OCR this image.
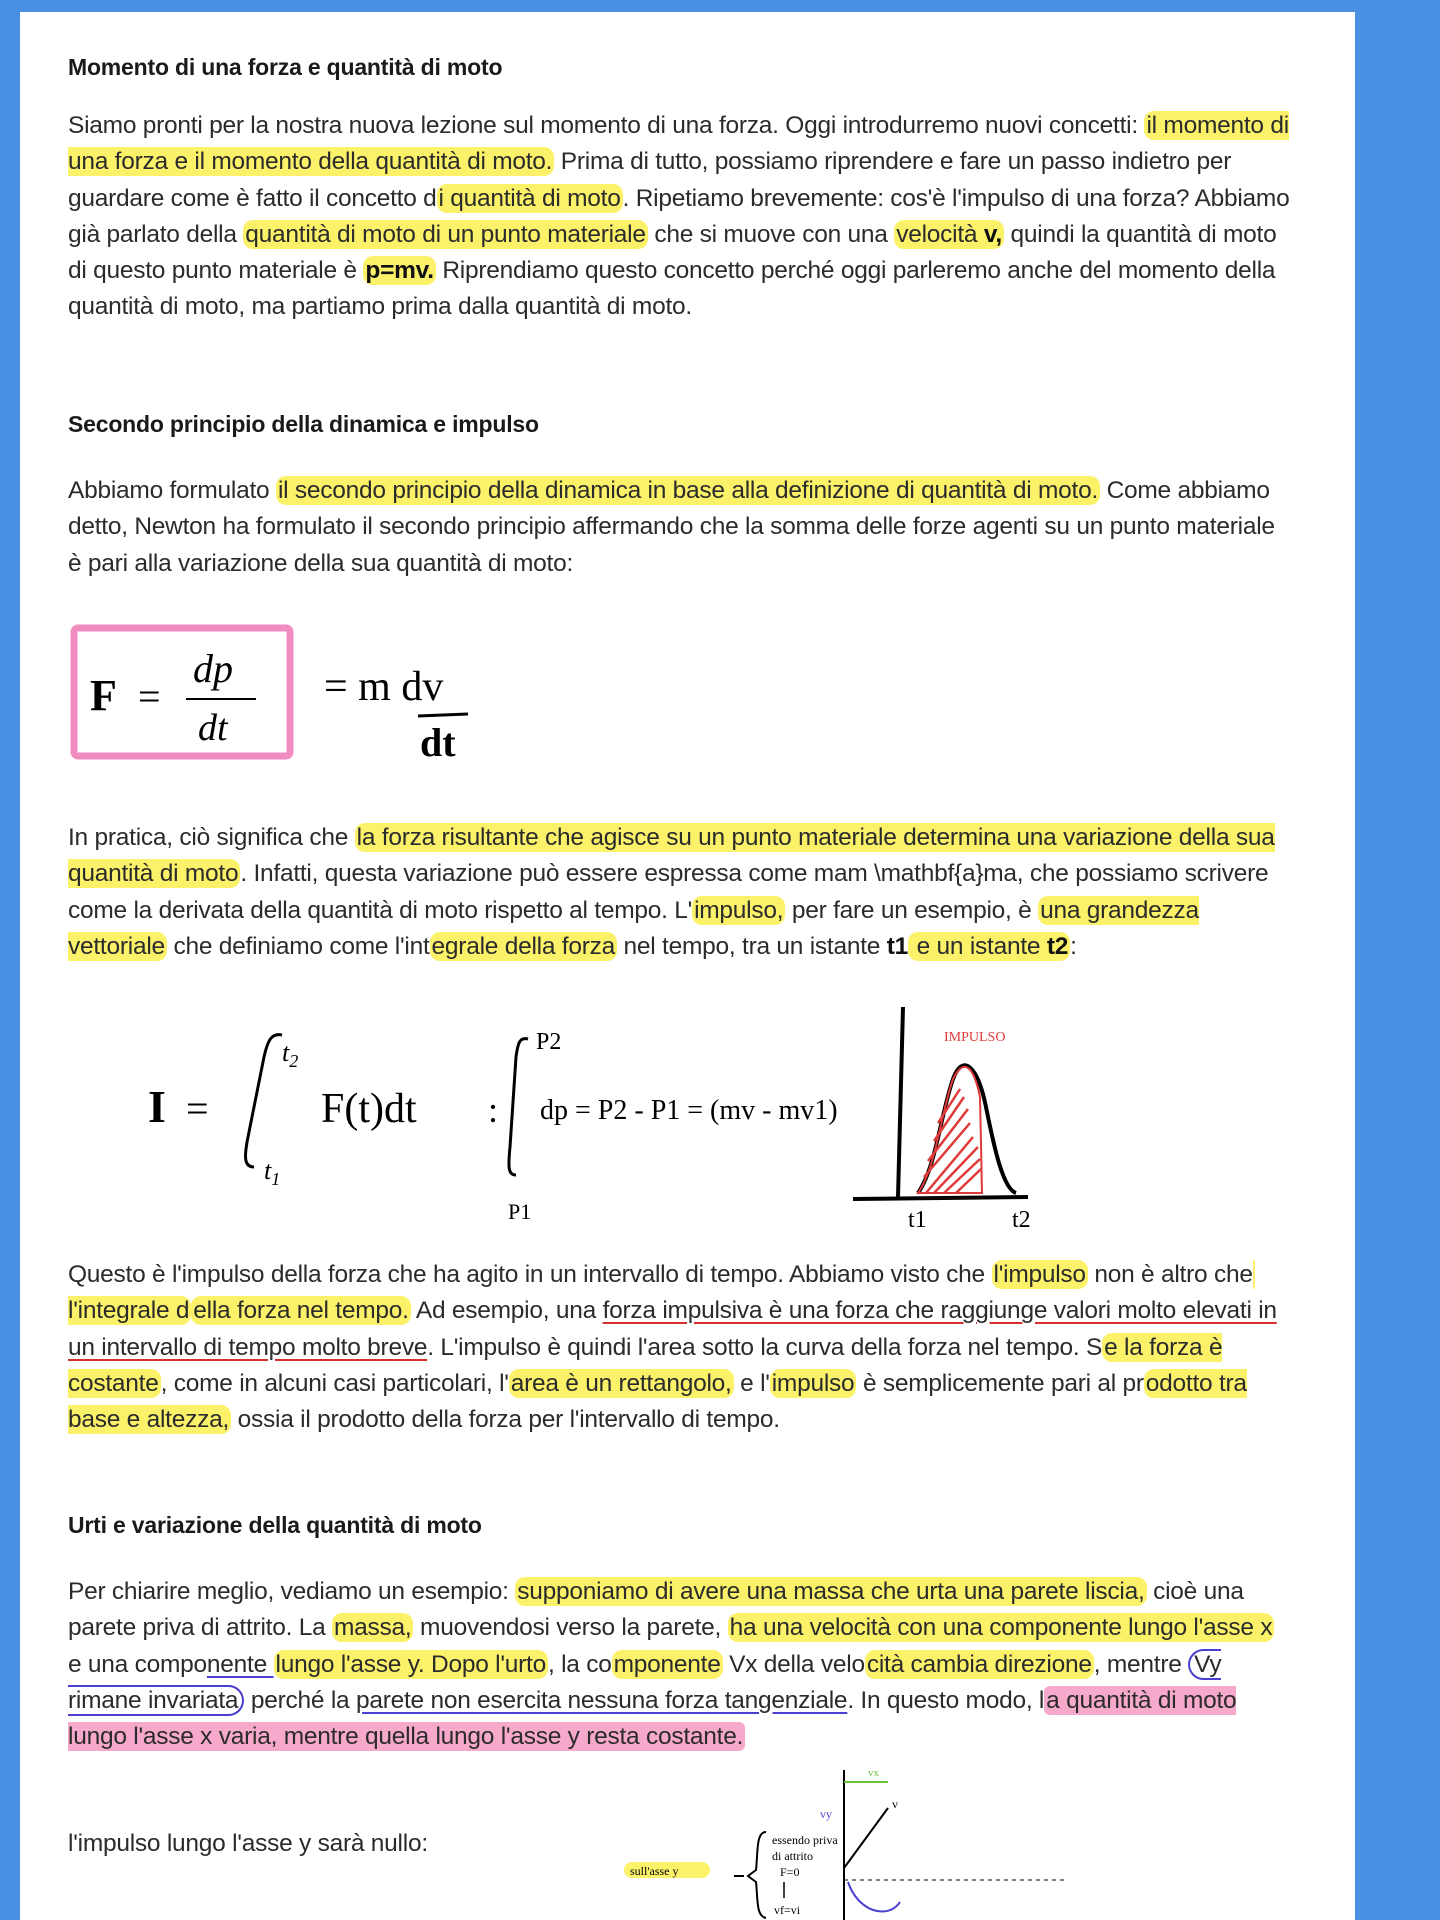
Momento di una forza e quantità di moto

Siamo pronti per la nostra nuova lezione sul momento di una forza. Oggi introdurremo nuovi concetti: il momento di una forza e il momento della quantità di moto. Prima di tutto, possiamo riprendere e fare un passo indietro per guardare come è fatto il concetto di quantità di moto. Ripetiamo brevemente: cos'è l'impulso di una forza? Abbiamo già parlato della quantità di moto di un punto materiale che si muove con una velocità v, quindi la quantità di moto di questo punto materiale è p=mv. Riprendiamo questo concetto perché oggi parleremo anche del momento della quantità di moto, ma partiamo prima dalla quantità di moto.

Secondo principio della dinamica e impulso

Abbiamo formulato il secondo principio della dinamica in base alla definizione di quantità di moto. Come abbiamo detto, Newton ha formulato il secondo principio affermando che la somma delle forze agenti su un punto materiale è pari alla variazione della sua quantità di moto:

F =
dp
dt
= m dv
dt

In pratica, ciò significa che la forza risultante che agisce su un punto materiale determina una variazione della sua quantità di moto. Infatti, questa variazione può essere espressa come mam \mathbf{a}ma, che possiamo scrivere come la derivata della quantità di moto rispetto al tempo. L'impulso, per fare un esempio, è una grandezza vettoriale che definiamo come l'integrale della forza nel tempo, tra un istante t1 e un istante t2:

I =
$t_2$
$t_1$
F(t)dt :
P2
P1
dp = P2 - P1 = (mv - mv1)
IMPULSO
t1	t2

Questo è l'impulso della forza che ha agito in un intervallo di tempo. Abbiamo visto che l'impulso non è altro che l'integrale d ella forza nel tempo. Ad esempio, una forza impulsiva è una forza che raggiunge valori molto elevati in un intervallo di tempo molto breve. L'impulso è quindi l'area sotto la curva della forza nel tempo. Se la forza è costante, come in alcuni casi particolari, l'area è un rettangolo, e l'impulso è semplicemente pari al prodotto tra base e altezza, ossia il prodotto della forza per l'intervallo di tempo.

Urti e variazione della quantità di moto

Per chiarire meglio, vediamo un esempio: supponiamo di avere una massa che urta una parete liscia, cioè una parete priva di attrito. La massa, muovendosi verso la parete, ha una velocità con una componente lungo l'asse x e una componente lungo l'asse y. Dopo l'urto, la componente Vx della velocità cambia direzione, mentre Vy rimane invariata perché la parete non esercita nessuna forza tangenziale. In questo modo, la quantità di moto lungo l'asse x varia, mentre quella lungo l'asse y resta costante.

l'impulso lungo l'asse y sarà nullo:

sull'asse y
essendo priva
di attrito
F=0
vf=vi
vx
vy
v
